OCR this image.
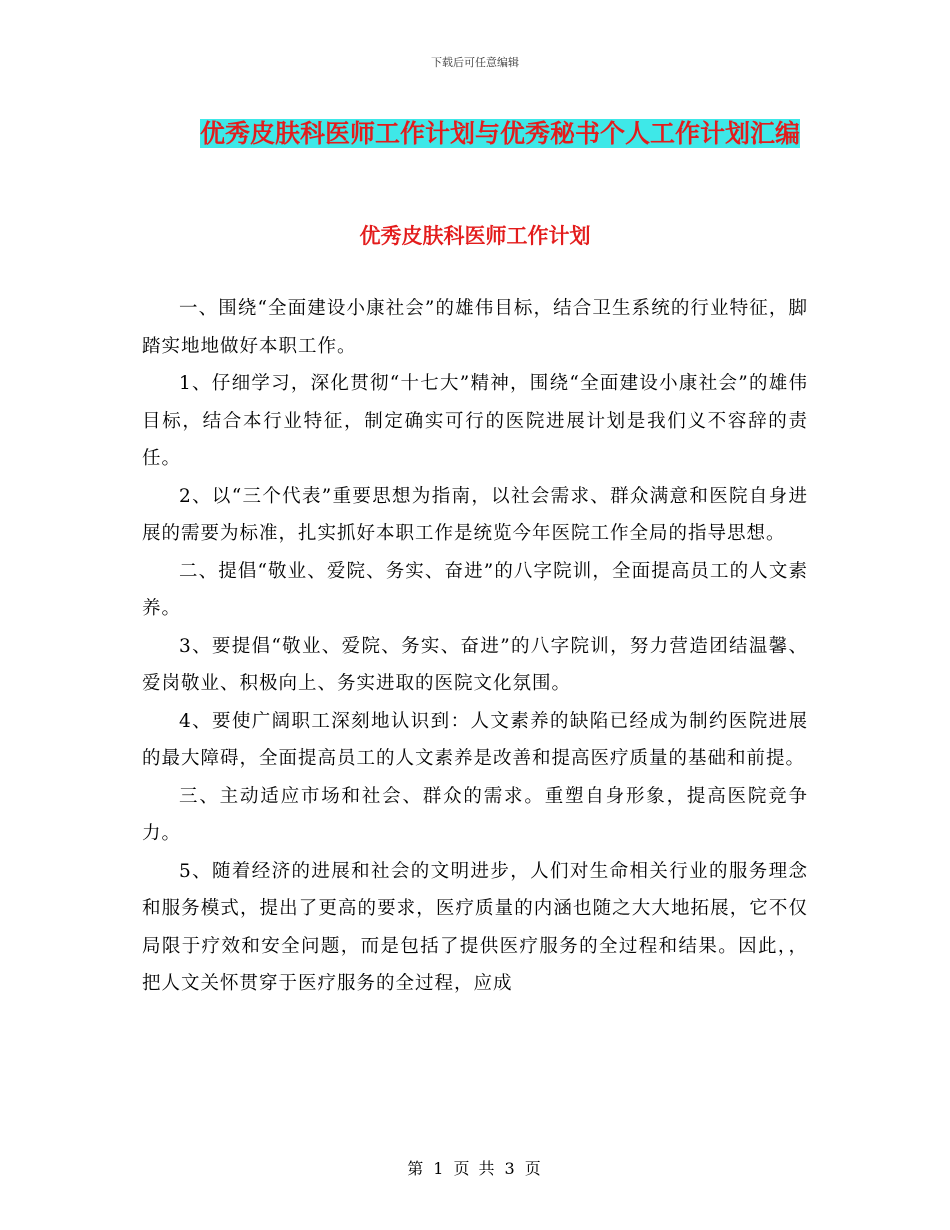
下载后可任意编辑
优秀皮肤科医师工作计划与优秀秘书个人工作计划汇编
优秀皮肤科医师工作计划

一、围绕“全面建设小康社会”的雄伟目标，结合卫生系统的行业特征，脚踏实地地做好本职工作。

1、仔细学习，深化贯彻“十七大”精神，围绕“全面建设小康社会”的雄伟目标，结合本行业特征，制定确实可行的医院进展计划是我们义不容辞的责任。

2、以“三个代表”重要思想为指南，以社会需求、群众满意和医院自身进展的需要为标准，扎实抓好本职工作是统览今年医院工作全局的指导思想。

二、提倡“敬业、爱院、务实、奋进”的八字院训，全面提高员工的人文素养。

3、要提倡“敬业、爱院、务实、奋进”的八字院训，努力营造团结温馨、爱岗敬业、积极向上、务实进取的医院文化氛围。

4、要使广阔职工深刻地认识到：人文素养的缺陷已经成为制约医院进展的最大障碍，全面提高员工的人文素养是改善和提高医疗质量的基础和前提。

三、主动适应市场和社会、群众的需求。重塑自身形象，提高医院竞争力。

5、随着经济的进展和社会的文明进步，人们对生命相关行业的服务理念和服务模式，提出了更高的要求，医疗质量的内涵也随之大大地拓展，它不仅局限于疗效和安全问题，而是包括了提供医疗服务的全过程和结果。因此，，把人文关怀贯穿于医疗服务的全过程，应成

第 1 页 共 3 页
